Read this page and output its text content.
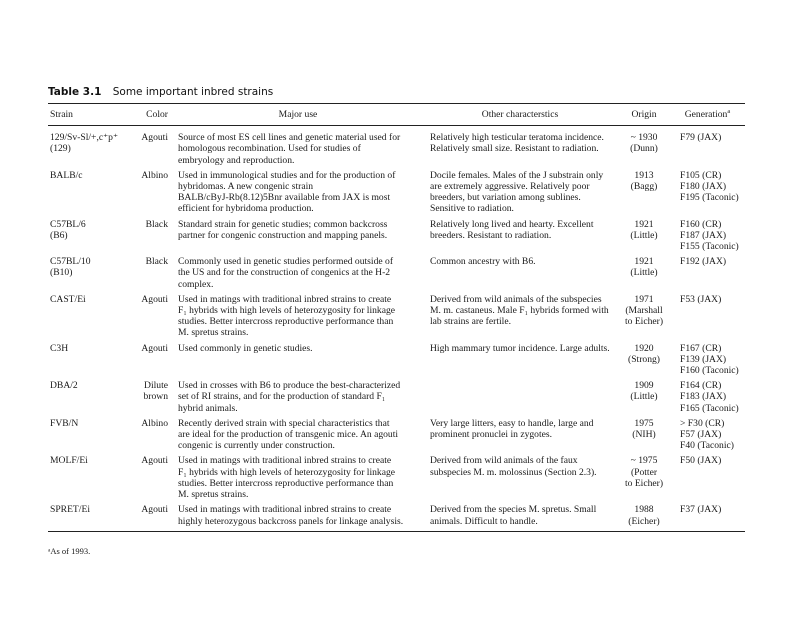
Table 3.1 Some important inbred strains
Strain	Color	Major use	Other characterstics	Origin	Generation$^a$

129/Sv-Sl/+,c⁺p⁺
(129)	Agouti	Source of most ES cell lines and genetic material used for
homologous recombination. Used for studies of
embryology and reproduction.	Relatively high testicular teratoma incidence.
Relatively small size. Resistant to radiation.	~ 1930
(Dunn)	F79 (JAX)

BALB/c	Albino	Used in immunological studies and for the production of
hybridomas. A new congenic strain
BALB/cByJ-Rb(8.12)5Bnr available from JAX is most
efficient for hybridoma production.	Docile females. Males of the J substrain only
are extremely aggressive. Relatively poor
breeders, but variation among sublines.
Sensitive to radiation.	1913
(Bagg)	F105 (CR)
F180 (JAX)
F195 (Taconic)

C57BL/6
(B6)	Black	Standard strain for genetic studies; common backcross
partner for congenic construction and mapping panels.	Relatively long lived and hearty. Excellent
breeders. Resistant to radiation.	1921
(Little)	F160 (CR)
F187 (JAX)
F155 (Taconic)

C57BL/10
(B10)	Black	Commonly used in genetic studies performed outside of
the US and for the construction of congenics at the H-2
complex.	Common ancestry with B6.	1921
(Little)	F192 (JAX)

CAST/Ei	Agouti	Used in matings with traditional inbred strains to create
F₁ hybrids with high levels of heterozygosity for linkage
studies. Better intercross reproductive performance than
M. spretus strains.	Derived from wild animals of the subspecies
M. m. castaneus. Male F₁ hybrids formed with
lab strains are fertile.	1971
(Marshall
to Eicher)	F53 (JAX)

C3H	Agouti	Used commonly in genetic studies.	High mammary tumor incidence. Large adults.	1920
(Strong)	F167 (CR)
F139 (JAX)
F160 (Taconic)

DBA/2	Dilute
brown	Used in crosses with B6 to produce the best-characterized
set of RI strains, and for the production of standard F₁
hybrid animals.		1909
(Little)	F164 (CR)
F183 (JAX)
F165 (Taconic)

FVB/N	Albino	Recently derived strain with special characteristics that
are ideal for the production of transgenic mice. An agouti
congenic is currently under construction.	Very large litters, easy to handle, large and
prominent pronuclei in zygotes.	1975
(NIH)	> F30 (CR)
F57 (JAX)
F40 (Taconic)

MOLF/Ei	Agouti	Used in matings with traditional inbred strains to create
F₁ hybrids with high levels of heterozygosity for linkage
studies. Better intercross reproductive performance than
M. spretus strains.	Derived from wild animals of the faux
subspecies M. m. molossinus (Section 2.3).	~ 1975
(Potter
to Eicher)	F50 (JAX)

SPRET/Ei	Agouti	Used in matings with traditional inbred strains to create
highly heterozygous backcross panels for linkage analysis.	Derived from the species M. spretus. Small
animals. Difficult to handle.	1988
(Eicher)	F37 (JAX)
ᵃAs of 1993.
